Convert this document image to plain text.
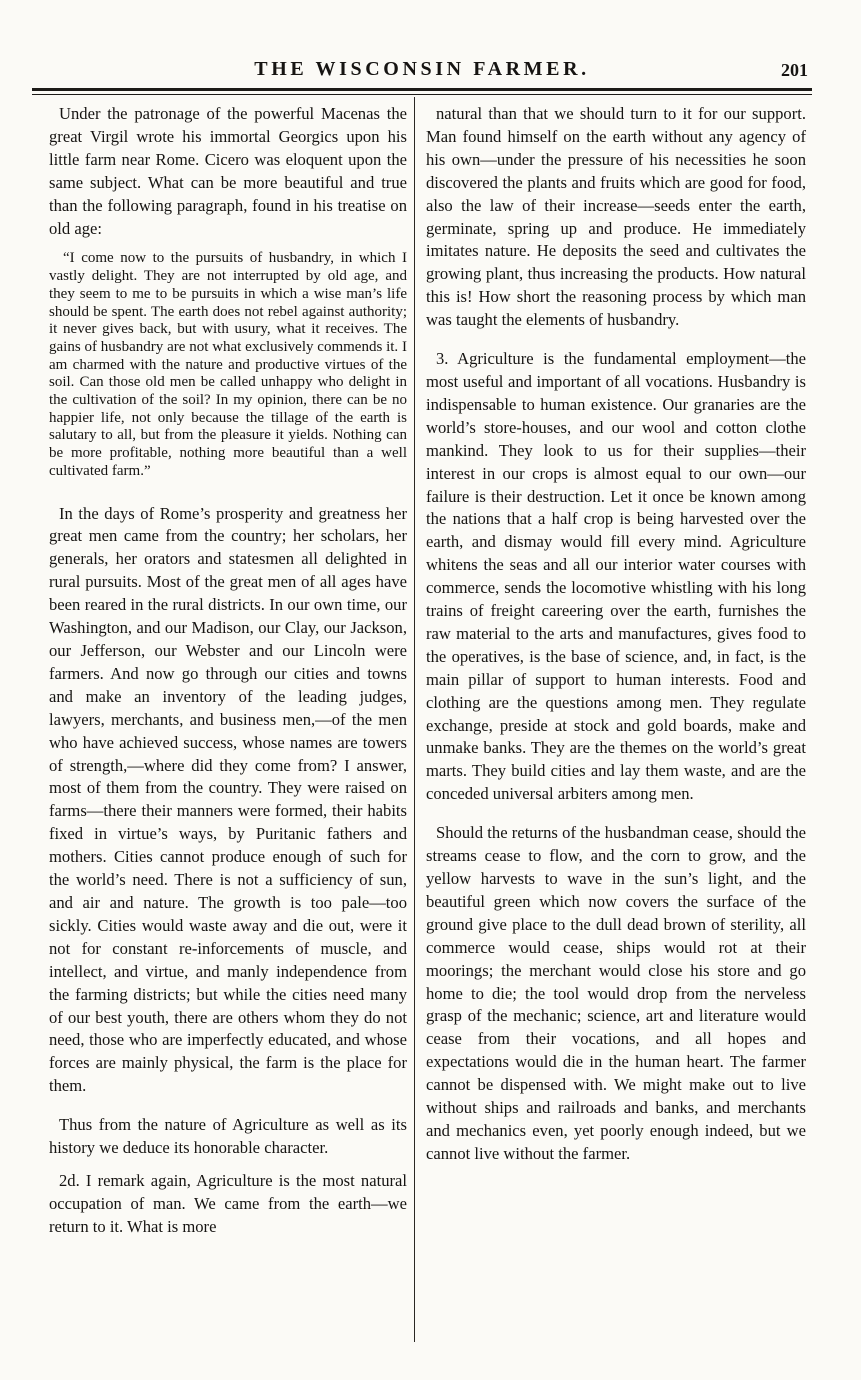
THE WISCONSIN FARMER.	201

Under the patronage of the powerful Macenas the great Virgil wrote his immortal Georgics upon his little farm near Rome. Cicero was eloquent upon the same subject. What can be more beautiful and true than the following paragraph, found in his treatise on old age:

“I come now to the pursuits of husbandry, in which I vastly delight. They are not interrupted by old age, and they seem to me to be pursuits in which a wise man’s life should be spent. The earth does not rebel against authority; it never gives back, but with usury, what it receives. The gains of husbandry are not what exclusively commends it. I am charmed with the nature and productive virtues of the soil. Can those old men be called unhappy who delight in the cultivation of the soil? In my opinion, there can be no happier life, not only because the tillage of the earth is salutary to all, but from the pleasure it yields. Nothing can be more profitable, nothing more beautiful than a well cultivated farm.”

In the days of Rome’s prosperity and greatness her great men came from the country; her scholars, her generals, her orators and statesmen all delighted in rural pursuits. Most of the great men of all ages have been reared in the rural districts. In our own time, our Washington, and our Madison, our Clay, our Jackson, our Jefferson, our Webster and our Lincoln were farmers. And now go through our cities and towns and make an inventory of the leading judges, lawyers, merchants, and business men,—of the men who have achieved success, whose names are towers of strength,—where did they come from? I answer, most of them from the country. They were raised on farms—there their manners were formed, their habits fixed in virtue’s ways, by Puritanic fathers and mothers. Cities cannot produce enough of such for the world’s need. There is not a sufficiency of sun, and air and nature. The growth is too pale—too sickly. Cities would waste away and die out, were it not for constant re-inforcements of muscle, and intellect, and virtue, and manly independence from the farming districts; but while the cities need many of our best youth, there are others whom they do not need, those who are imperfectly educated, and whose forces are mainly physical, the farm is the place for them.

Thus from the nature of Agriculture as well as its history we deduce its honorable character.

2d. I remark again, Agriculture is the most natural occupation of man. We came from the earth—we return to it. What is more

natural than that we should turn to it for our support. Man found himself on the earth without any agency of his own—under the pressure of his necessities he soon discovered the plants and fruits which are good for food, also the law of their increase—seeds enter the earth, germinate, spring up and produce. He immediately imitates nature. He deposits the seed and cultivates the growing plant, thus increasing the products. How natural this is! How short the reasoning process by which man was taught the elements of husbandry.

3. Agriculture is the fundamental employment—the most useful and important of all vocations. Husbandry is indispensable to human existence. Our granaries are the world’s store-houses, and our wool and cotton clothe mankind. They look to us for their supplies—their interest in our crops is almost equal to our own—our failure is their destruction. Let it once be known among the nations that a half crop is being harvested over the earth, and dismay would fill every mind. Agriculture whitens the seas and all our interior water courses with commerce, sends the locomotive whistling with his long trains of freight careering over the earth, furnishes the raw material to the arts and manufactures, gives food to the operatives, is the base of science, and, in fact, is the main pillar of support to human interests. Food and clothing are the questions among men. They regulate exchange, preside at stock and gold boards, make and unmake banks. They are the themes on the world’s great marts. They build cities and lay them waste, and are the conceded universal arbiters among men.

Should the returns of the husbandman cease, should the streams cease to flow, and the corn to grow, and the yellow harvests to wave in the sun’s light, and the beautiful green which now covers the surface of the ground give place to the dull dead brown of sterility, all commerce would cease, ships would rot at their moorings; the merchant would close his store and go home to die; the tool would drop from the nerveless grasp of the mechanic; science, art and literature would cease from their vocations, and all hopes and expectations would die in the human heart. The farmer cannot be dispensed with. We might make out to live without ships and railroads and banks, and merchants and mechanics even, yet poorly enough indeed, but we cannot live without the farmer.
